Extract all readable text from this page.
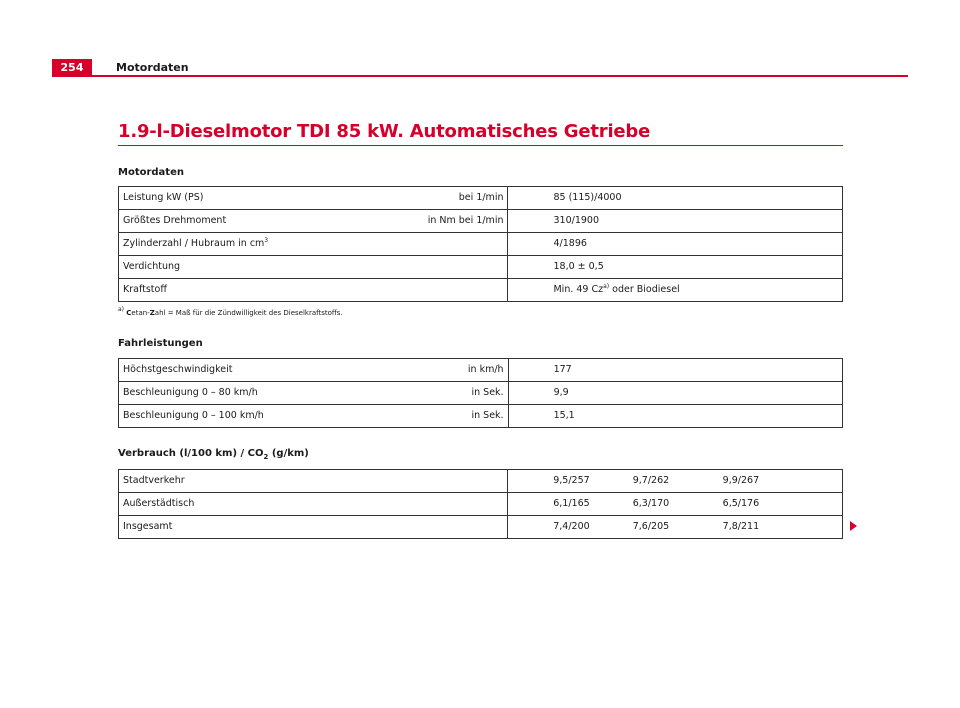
254	Motordaten
1.9-l-Dieselmotor TDI 85 kW. Automatisches Getriebe
Motordaten
Leistung kW (PS)	bei 1/min	85 (115)/4000
Größtes Drehmoment	in Nm bei 1/min	310/1900
Zylinderzahl / Hubraum in $cm^3$		4/1896
Verdichtung		18,0 ± 0,5
Kraftstoff		Min. 49 Cz$^{a)}$ oder Biodiesel
$^{a)}$ Cetan-Zahl = Maß für die Zündwilligkeit des Dieselkraftstoffs.
Fahrleistungen
Höchstgeschwindigkeit	in km/h	177
Beschleunigung 0 – 80 km/h	in Sek.	9,9
Beschleunigung 0 – 100 km/h	in Sek.	15,1
Verbrauch (l/100 $km) / CO_2$ (g/km)
Stadtverkehr	9,5/257	9,7/262	9,9/267
Außerstädtisch	6,1/165	6,3/170	6,5/176
Insgesamt	7,4/200	7,6/205	7,8/211
